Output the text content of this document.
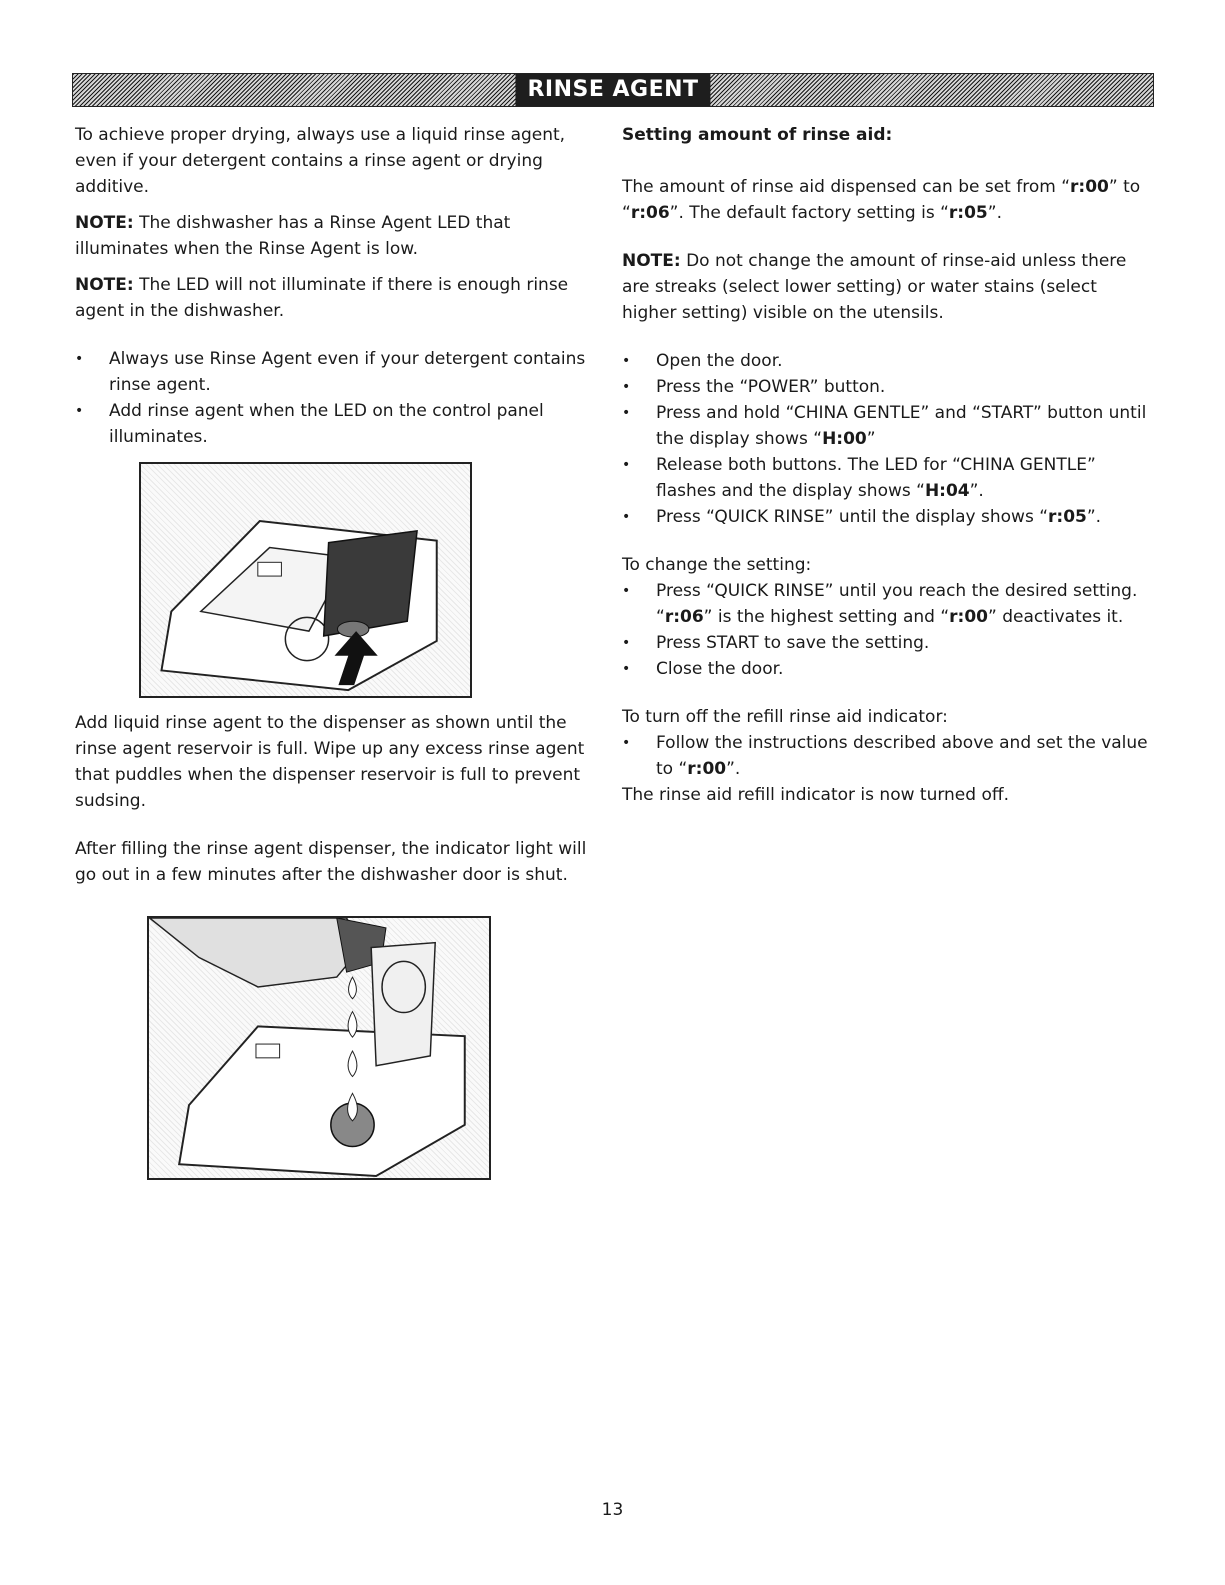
RINSE AGENT

To achieve proper drying, always use a liquid rinse agent, even if your detergent contains a rinse agent or drying additive.

NOTE: The dishwasher has a Rinse Agent LED that illuminates when the Rinse Agent is low.

NOTE: The LED will not illuminate if there is enough rinse agent in the dishwasher.

• Always use Rinse Agent even if your detergent contains rinse agent.
• Add rinse agent when the LED on the control panel illuminates.

Add liquid rinse agent to the dispenser as shown until the rinse agent reservoir is full. Wipe up any excess rinse agent that puddles when the dispenser reservoir is full to prevent sudsing.

After filling the rinse agent dispenser, the indicator light will go out in a few minutes after the dishwasher door is shut.

Setting amount of rinse aid:

The amount of rinse aid dispensed can be set from “r:00” to “r:06”. The default factory setting is “r:05”.

NOTE: Do not change the amount of rinse-aid unless there are streaks (select lower setting) or water stains (select higher setting) visible on the utensils.

• Open the door.
• Press the “POWER” button.
• Press and hold “CHINA GENTLE” and “START” button until the display shows “H:00”
• Release both buttons. The LED for “CHINA GENTLE” flashes and the display shows “H:04”.
• Press “QUICK RINSE” until the display shows “r:05”.

To change the setting:

• Press “QUICK RINSE” until you reach the desired setting. “r:06” is the highest setting and “r:00” deactivates it.
• Press START to save the setting.
• Close the door.

To turn off the refill rinse aid indicator:

• Follow the instructions described above and set the value to “r:00”.

The rinse aid refill indicator is now turned off.

13
